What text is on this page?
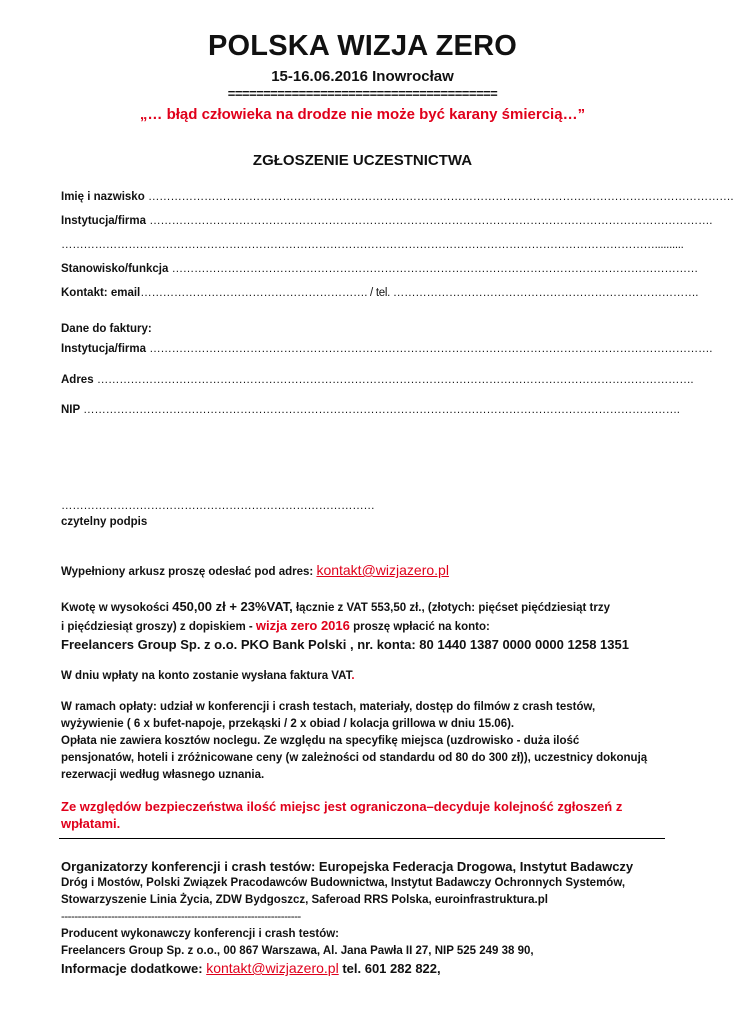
POLSKA WIZJA ZERO
15-16.06.2016 Inowrocław
======================================
„… błąd człowieka na drodze nie może być karany śmiercią…”
ZGŁOSZENIE UCZESTNICTWA
Imię i nazwisko ………………………………………………………………………………………………………………………………………….
Instytucja/firma …………………………………………………………………………………………………………………………………….
……………………………………………………………………………………………………………………………………………..........
Stanowisko/funkcja ……………………………………………………………………………………………………………………………
Kontakt: email……………………………………………………. / tel. ……………………………………………………………………….
Dane do faktury:
Instytucja/firma …………………………………………………………………………………………………………………………………….
Adres …………………………………………………………………………………………………………………………………………….
NIP …………………………………………………………………………………………………………………………………………….
…………………………………………………………………………
czytelny podpis
Wypełniony arkusz proszę odesłać pod adres: kontakt@wizjazero.pl
Kwotę w wysokości 450,00 zł + 23%VAT, łącznie z VAT 553,50 zł., (złotych: pięćset pięćdziesiąt trzy
i pięćdziesiąt groszy) z dopiskiem - wizja zero 2016 proszę wpłacić na konto:
Freelancers Group Sp. z o.o. PKO Bank Polski , nr. konta: 80 1440 1387 0000 0000 1258 1351
W dniu wpłaty na konto zostanie wysłana faktura VAT.
W ramach opłaty: udział w konferencji i crash testach, materiały, dostęp do filmów z crash testów,
wyżywienie ( 6 x bufet-napoje, przekąski / 2 x obiad / kolacja grillowa w dniu 15.06).
Opłata nie zawiera kosztów noclegu. Ze względu na specyfikę miejsca (uzdrowisko - duża ilość
pensjonatów, hoteli i zróżnicowane ceny (w zależności od standardu od 80 do 300 zł)), uczestnicy dokonują
rezerwacji według własnego uznania.
Ze względów bezpieczeństwa ilość miejsc jest ograniczona–decyduje kolejność zgłoszeń z wpłatami.
Organizatorzy konferencji i crash testów: Europejska Federacja Drogowa, Instytut Badawczy
Dróg i Mostów, Polski Związek Pracodawców Budownictwa, Instytut Badawczy Ochronnych Systemów,
Stowarzyszenie Linia Życia, ZDW Bydgoszcz, Saferoad RRS Polska, euroinfrastruktura.pl
------------------------------------------------------------------------
Producent wykonawczy konferencji i crash testów:
Freelancers Group Sp. z o.o., 00 867 Warszawa, Al. Jana Pawła II 27, NIP 525 249 38 90,
Informacje dodatkowe: kontakt@wizjazero.pl tel. 601 282 822,
